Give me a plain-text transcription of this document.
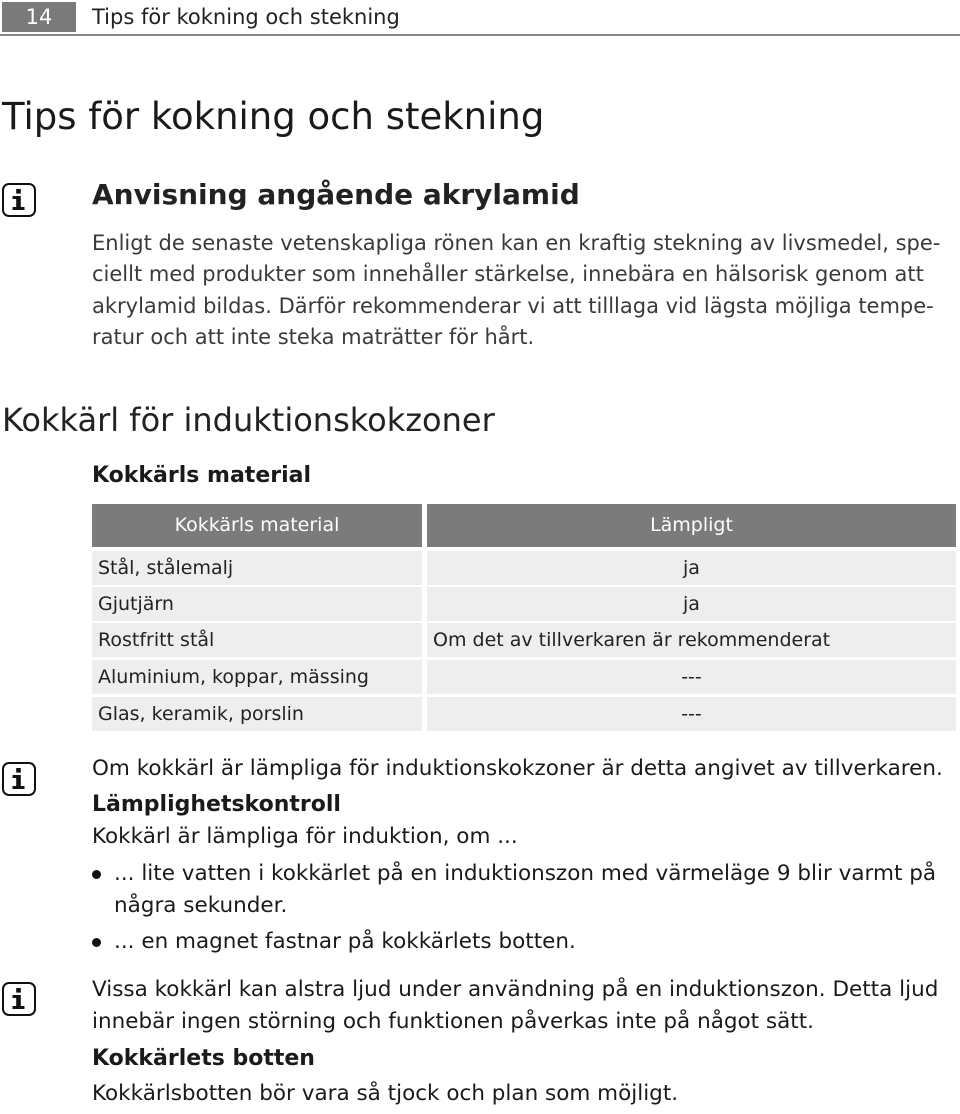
14	Tips för kokning och stekning
Tips för kokning och stekning
Anvisning angående akrylamid

Enligt de senaste vetenskapliga rönen kan en kraftig stekning av livsmedel, spe-

ciellt med produkter som innehåller stärkelse, innebära en hälsorisk genom att

akrylamid bildas. Därför rekommenderar vi att tilllaga vid lägsta möjliga tempe-

ratur och att inte steka maträtter för hårt.

Kokkärl för induktionskokzoner
Kokkärls material
Kokkärls material	Lämpligt
Stål, stålemalj	ja
Gjutjärn	ja
Rostfritt stål	Om det av tillverkaren är rekommenderat
Aluminium, koppar, mässing	---
Glas, keramik, porslin	---

Om kokkärl är lämpliga för induktionskokzoner är detta angivet av tillverkaren.

Lämplighetskontroll

Kokkärl är lämpliga för induktion, om ...

... lite vatten i kokkärlet på en induktionszon med värmeläge 9 blir varmt på några sekunder.
... en magnet fastnar på kokkärlets botten.

Vissa kokkärl kan alstra ljud under användning på en induktionszon. Detta ljud

innebär ingen störning och funktionen påverkas inte på något sätt.

Kokkärlets botten

Kokkärlsbotten bör vara så tjock och plan som möjligt.
